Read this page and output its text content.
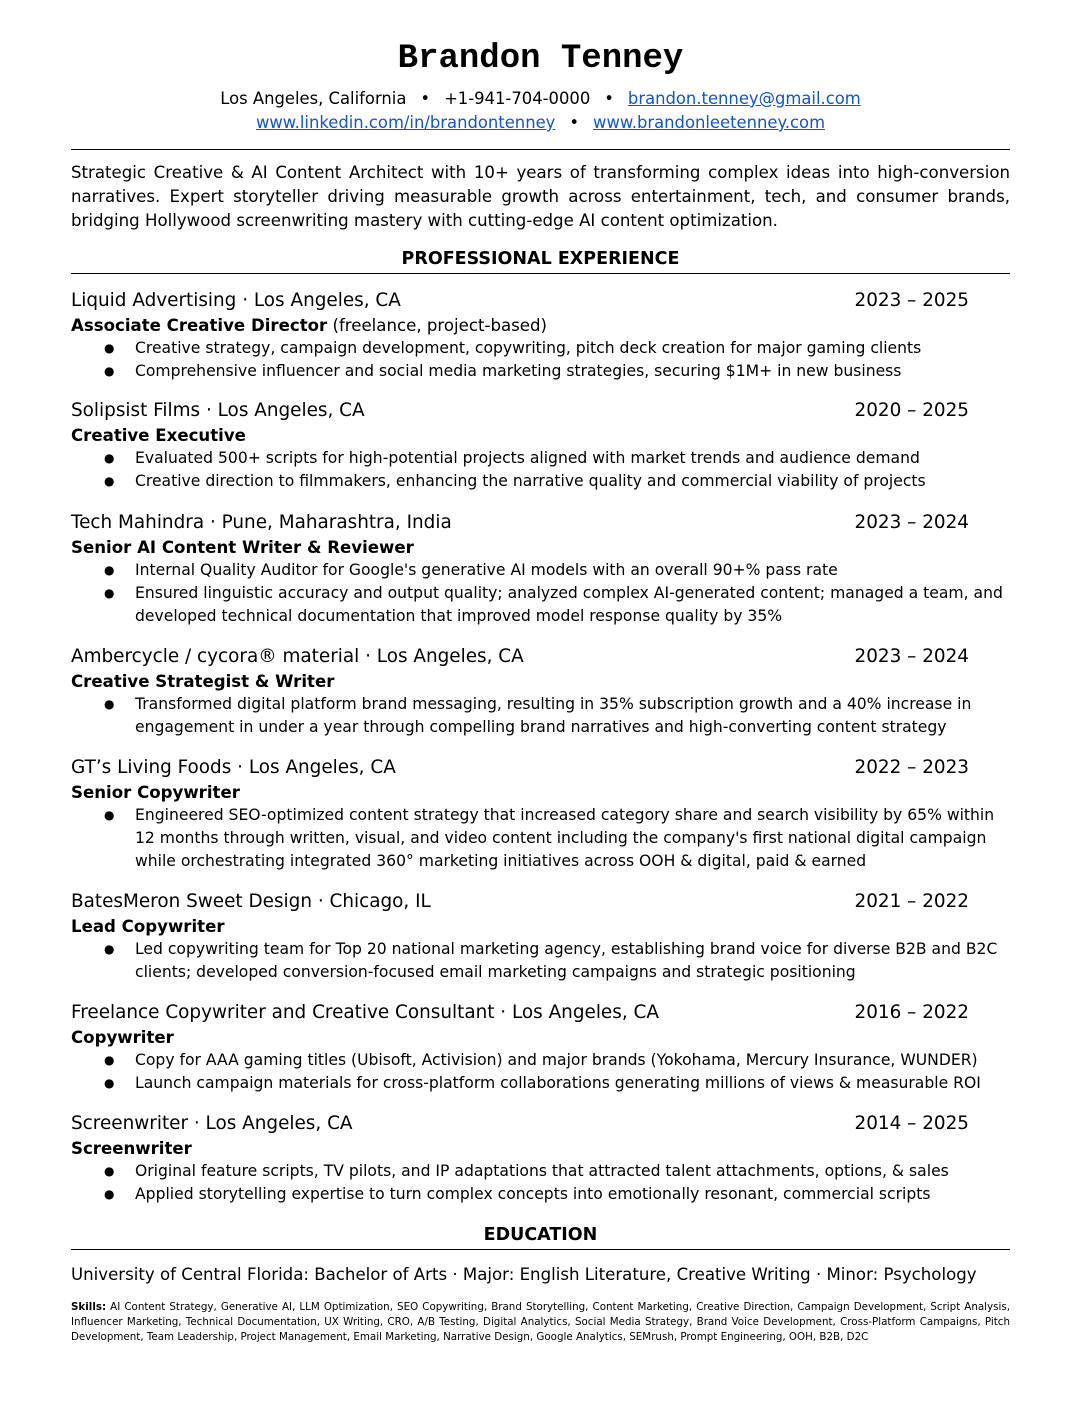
Brandon Tenney
Los Angeles, California • +1-941-704-0000 • brandon.tenney@gmail.com
www.linkedin.com/in/brandontenney • www.brandonleetenney.com
Strategic Creative & AI Content Architect with 10+ years of transforming complex ideas into high-conversion narratives. Expert storyteller driving measurable growth across entertainment, tech, and consumer brands, bridging Hollywood screenwriting mastery with cutting-edge AI content optimization.
PROFESSIONAL EXPERIENCE
Liquid Advertising · Los Angeles, CA	2023 – 2025
Associate Creative Director (freelance, project-based)
● Creative strategy, campaign development, copywriting, pitch deck creation for major gaming clients
● Comprehensive influencer and social media marketing strategies, securing $1M+ in new business
Solipsist Films · Los Angeles, CA	2020 – 2025
Creative Executive
● Evaluated 500+ scripts for high-potential projects aligned with market trends and audience demand
● Creative direction to filmmakers, enhancing the narrative quality and commercial viability of projects
Tech Mahindra · Pune, Maharashtra, India	2023 – 2024
Senior AI Content Writer & Reviewer
● Internal Quality Auditor for Google's generative AI models with an overall 90+% pass rate
● Ensured linguistic accuracy and output quality; analyzed complex AI-generated content; managed a team, and developed technical documentation that improved model response quality by 35%
Ambercycle / cycora® material · Los Angeles, CA	2023 – 2024
Creative Strategist & Writer
● Transformed digital platform brand messaging, resulting in 35% subscription growth and a 40% increase in engagement in under a year through compelling brand narratives and high-converting content strategy
GT’s Living Foods · Los Angeles, CA	2022 – 2023
Senior Copywriter
● Engineered SEO-optimized content strategy that increased category share and search visibility by 65% within 12 months through written, visual, and video content including the company's first national digital campaign while orchestrating integrated 360° marketing initiatives across OOH & digital, paid & earned
BatesMeron Sweet Design · Chicago, IL	2021 – 2022
Lead Copywriter
● Led copywriting team for Top 20 national marketing agency, establishing brand voice for diverse B2B and B2C clients; developed conversion-focused email marketing campaigns and strategic positioning
Freelance Copywriter and Creative Consultant · Los Angeles, CA	2016 – 2022
Copywriter
● Copy for AAA gaming titles (Ubisoft, Activision) and major brands (Yokohama, Mercury Insurance, WUNDER)
● Launch campaign materials for cross-platform collaborations generating millions of views & measurable ROI
Screenwriter · Los Angeles, CA	2014 – 2025
Screenwriter
● Original feature scripts, TV pilots, and IP adaptations that attracted talent attachments, options, & sales
● Applied storytelling expertise to turn complex concepts into emotionally resonant, commercial scripts
EDUCATION
University of Central Florida: Bachelor of Arts · Major: English Literature, Creative Writing · Minor: Psychology
Skills: AI Content Strategy, Generative AI, LLM Optimization, SEO Copywriting, Brand Storytelling, Content Marketing, Creative Direction, Campaign Development, Script Analysis, Influencer Marketing, Technical Documentation, UX Writing, CRO, A/B Testing, Digital Analytics, Social Media Strategy, Brand Voice Development, Cross-Platform Campaigns, Pitch Development, Team Leadership, Project Management, Email Marketing, Narrative Design, Google Analytics, SEMrush, Prompt Engineering, OOH, B2B, D2C
